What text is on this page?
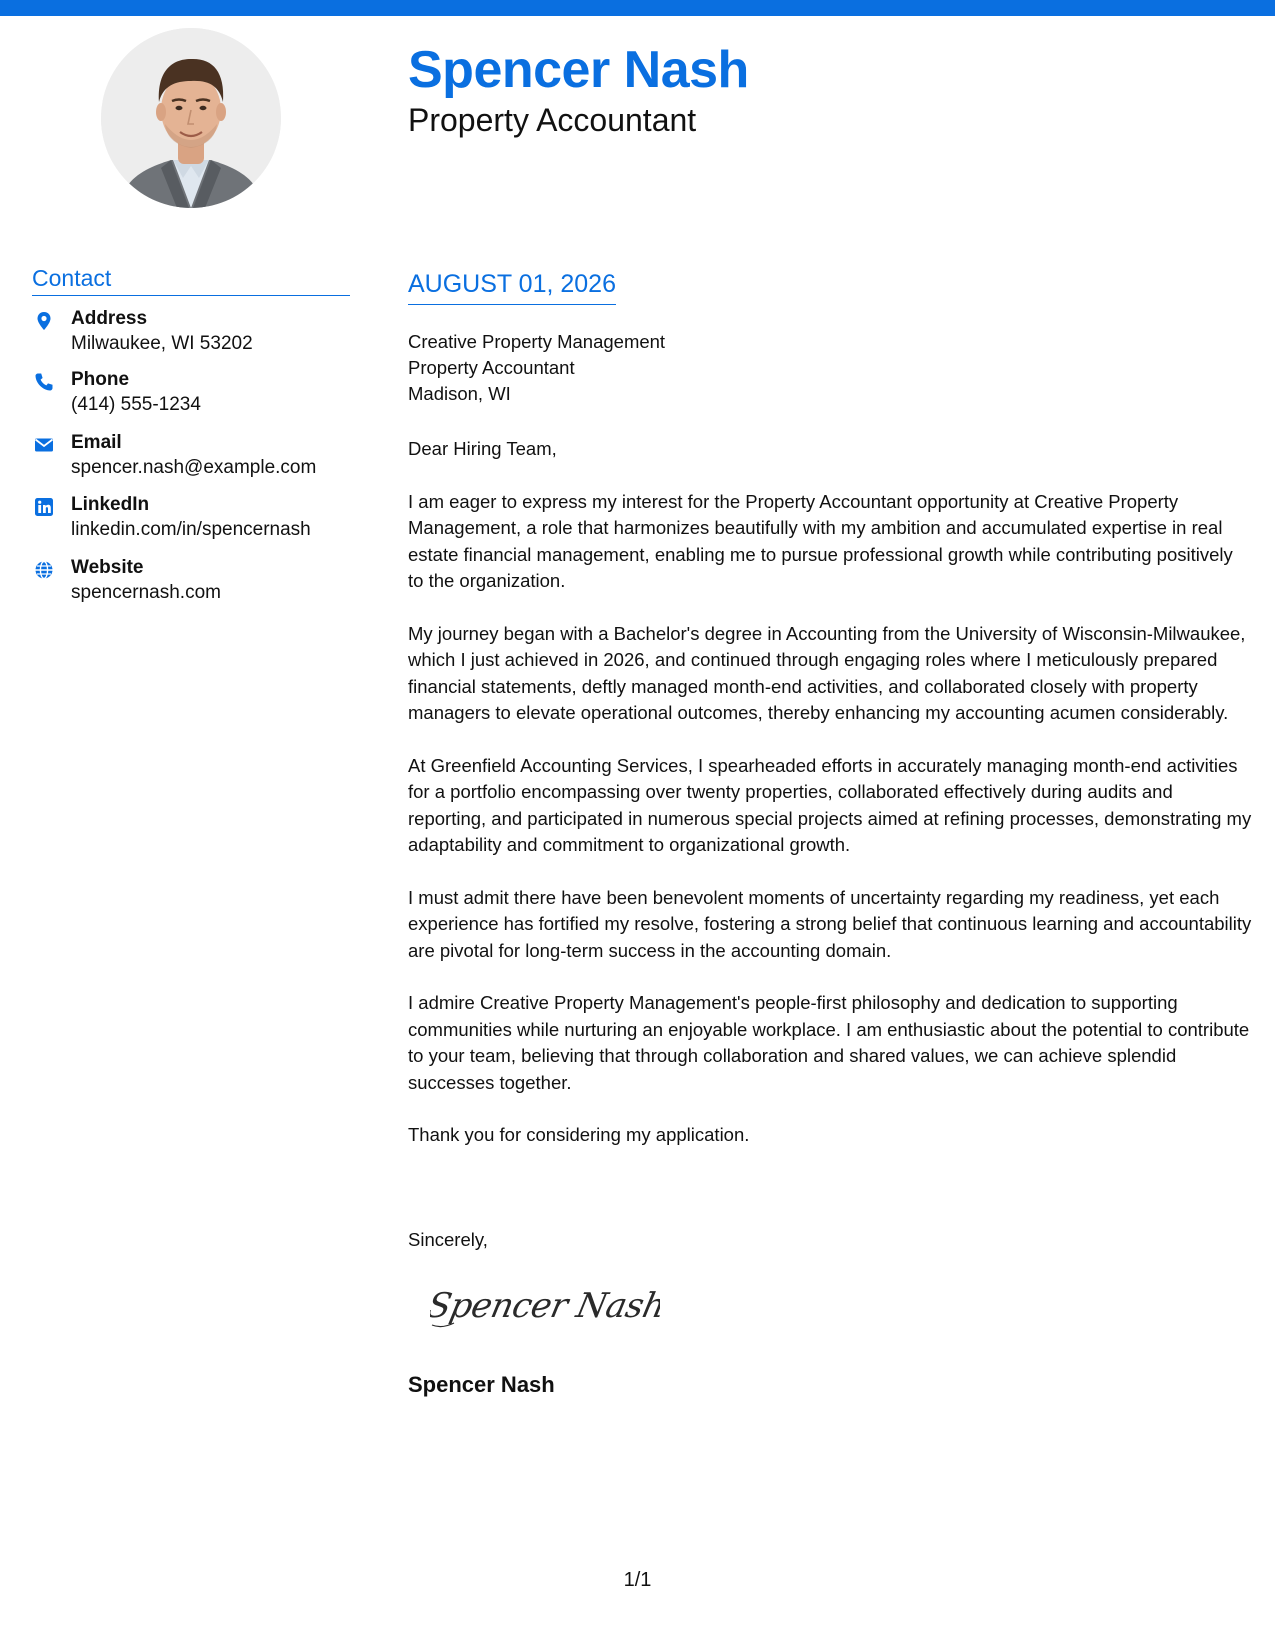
Spencer Nash
Property Accountant
Contact
Address
Milwaukee, WI 53202
Phone
(414) 555-1234
Email
spencer.nash@example.com
LinkedIn
linkedin.com/in/spencernash
Website
spencernash.com
AUGUST 01, 2026
Creative Property Management
Property Accountant
Madison, WI

Dear Hiring Team,

I am eager to express my interest for the Property Accountant opportunity at Creative Property Management, a role that harmonizes beautifully with my ambition and accumulated expertise in real estate financial management, enabling me to pursue professional growth while contributing positively to the organization.

My journey began with a Bachelor's degree in Accounting from the University of Wisconsin-Milwaukee, which I just achieved in 2026, and continued through engaging roles where I meticulously prepared financial statements, deftly managed month-end activities, and collaborated closely with property managers to elevate operational outcomes, thereby enhancing my accounting acumen considerably.

At Greenfield Accounting Services, I spearheaded efforts in accurately managing month-end activities for a portfolio encompassing over twenty properties, collaborated effectively during audits and reporting, and participated in numerous special projects aimed at refining processes, demonstrating my adaptability and commitment to organizational growth.

I must admit there have been benevolent moments of uncertainty regarding my readiness, yet each experience has fortified my resolve, fostering a strong belief that continuous learning and accountability are pivotal for long-term success in the accounting domain.

I admire Creative Property Management's people-first philosophy and dedication to supporting communities while nurturing an enjoyable workplace. I am enthusiastic about the potential to contribute to your team, believing that through collaboration and shared values, we can achieve splendid successes together.

Thank you for considering my application.

Sincerely,
Spencer Nash
Spencer Nash
1/1
